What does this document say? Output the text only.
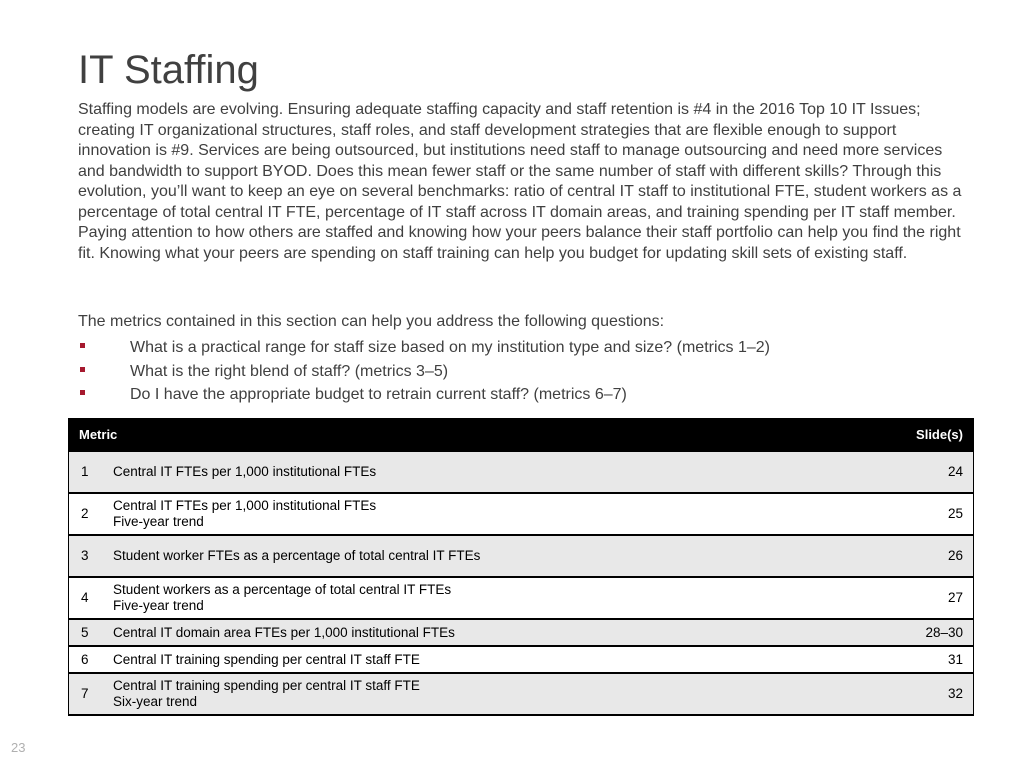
IT Staffing

Staffing models are evolving. Ensuring adequate staffing capacity and staff retention is #4 in the 2016 Top 10 IT Issues; creating IT organizational structures, staff roles, and staff development strategies that are flexible enough to support innovation is #9. Services are being outsourced, but institutions need staff to manage outsourcing and need more services and bandwidth to support BYOD. Does this mean fewer staff or the same number of staff with different skills? Through this evolution, you’ll want to keep an eye on several benchmarks: ratio of central IT staff to institutional FTE, student workers as a percentage of total central IT FTE, percentage of IT staff across IT domain areas, and training spending per IT staff member. Paying attention to how others are staffed and knowing how your peers balance their staff portfolio can help you find the right fit. Knowing what your peers are spending on staff training can help you budget for updating skill sets of existing staff.

The metrics contained in this section can help you address the following questions:

What is a practical range for staff size based on my institution type and size? (metrics 1–2)
What is the right blend of staff? (metrics 3–5)
Do I have the appropriate budget to retrain current staff? (metrics 6–7)
Metric		Slide(s)
1	Central IT FTEs per 1,000 institutional FTEs	24
2	Central IT FTEs per 1,000 institutional FTEs
Five-year trend	25
3	Student worker FTEs as a percentage of total central IT FTEs	26
4	Student workers as a percentage of total central IT FTEs
Five-year trend	27
5	Central IT domain area FTEs per 1,000 institutional FTEs	28–30
6	Central IT training spending per central IT staff FTE	31
7	Central IT training spending per central IT staff FTE
Six-year trend	32
23
